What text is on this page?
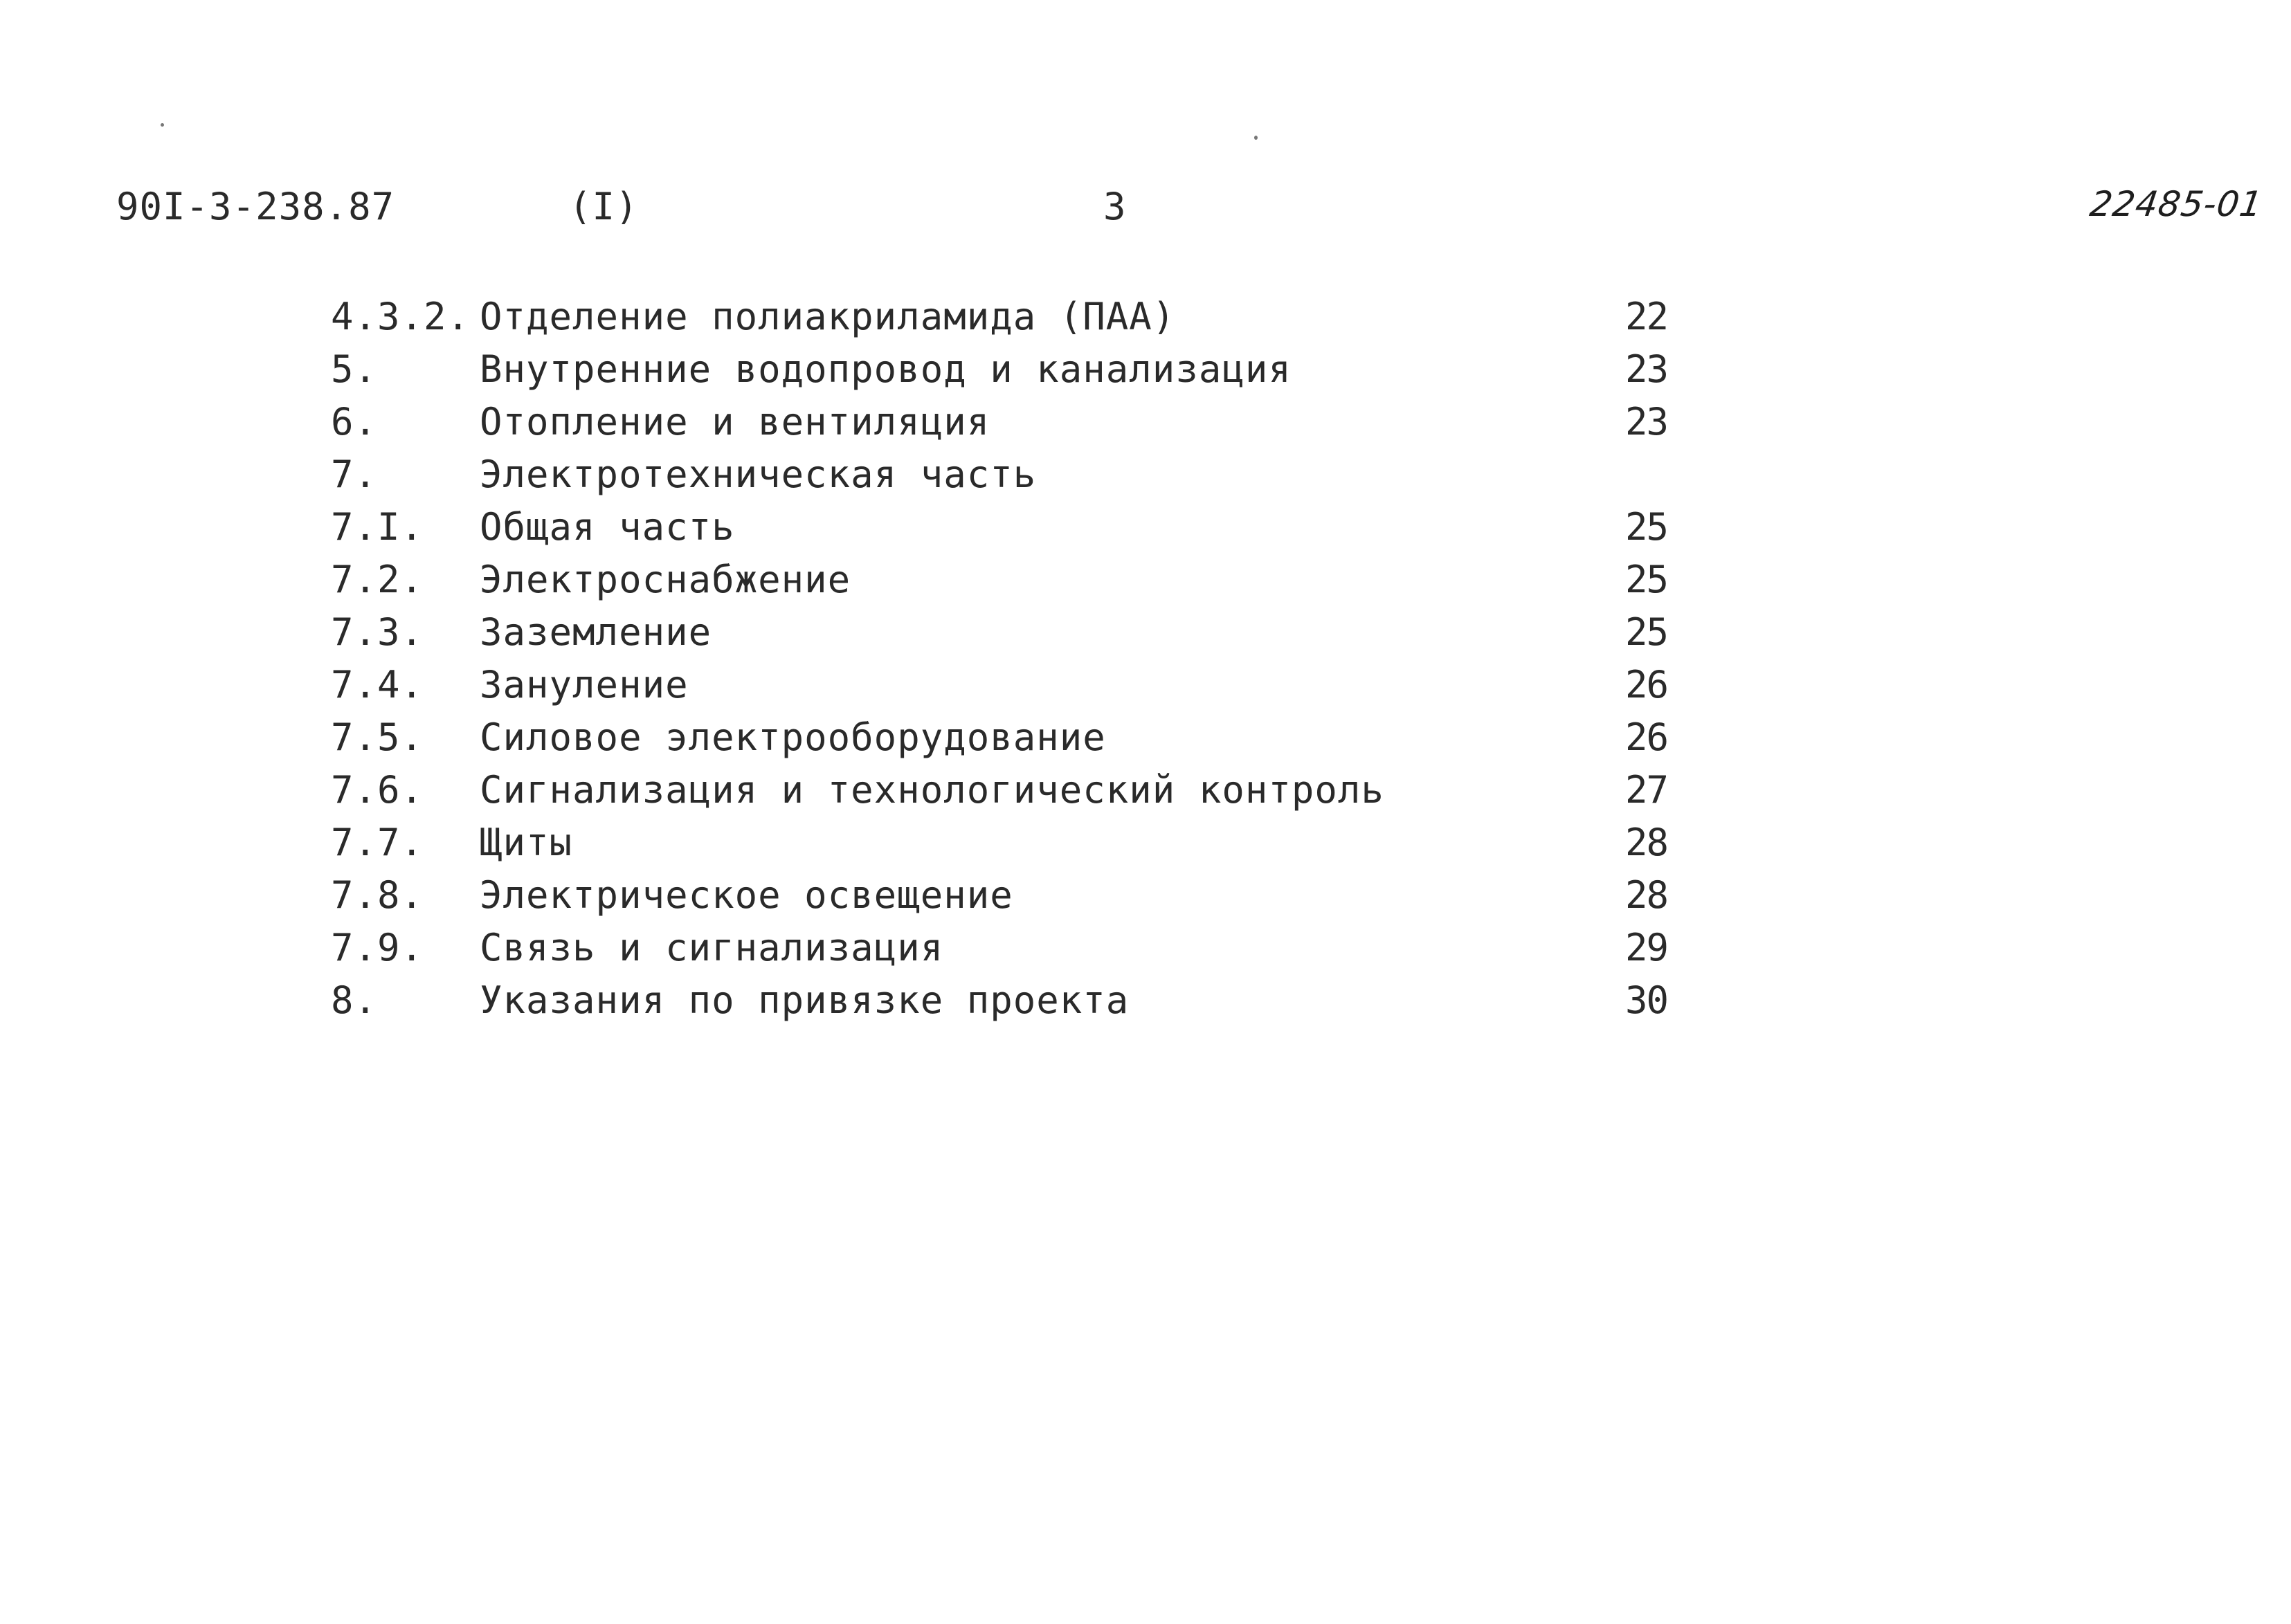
90I-3-238.87	(I)	3	22485-01
4.3.2. Отделение полиакриламида (ПАА)	22
5.	Внутренние водопровод и канализация	23
6.	Отопление и вентиляция	23
7.	Электротехническая часть
7.I. Общая часть	25
7.2. Электроснабжение	25
7.3. Заземление	25
7.4. Зануление	26
7.5. Силовое электрооборудование	26
7.6. Сигнализация и технологический контроль	27
7.7. Щиты	28
7.8. Электрическое освещение	28
7.9. Связь и сигнализация	29
8.	Указания по привязке проекта	30
